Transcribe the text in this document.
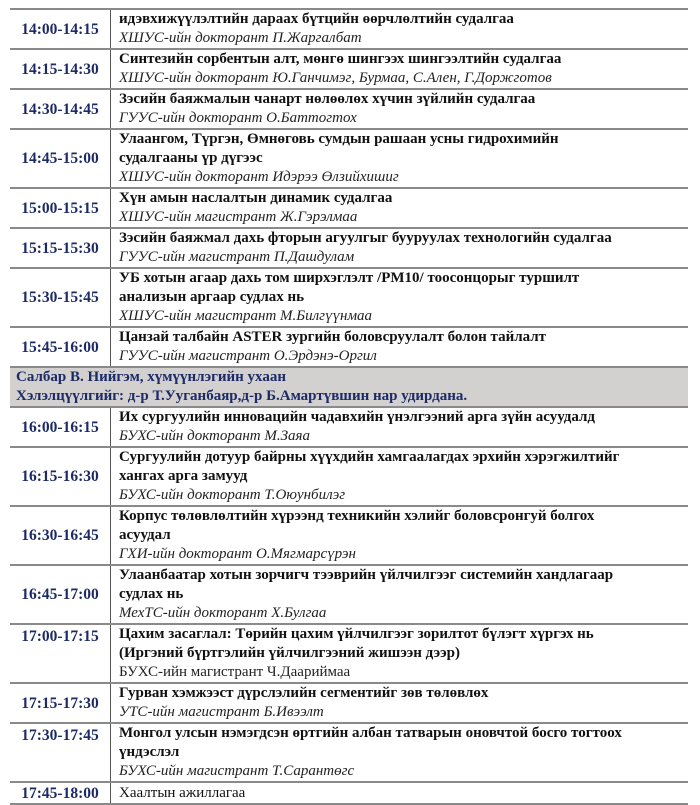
14:00-14:15	идэвхижүүлэлтийн дараах бүтцийн өөрчлөлтийн судалгаа
ХШУС-ийн докторант П.Жаргалбат

14:15-14:30	Синтезийн сорбентын алт, мөнгө шингээх шингээлтийн судалгаа
ХШУС-ийн докторант Ю.Ганчимэг, Бурмаа, С.Ален, Г.Доржготов

14:30-14:45	Зэсийн баяжмалын чанарт нөлөөлөх хүчин зүйлийн судалгаа
ГУУС-ийн докторант О.Баттогтох

14:45-15:00	Улаангом, Түргэн, Өмнөговь сумдын рашаан усны гидрохимийн
судалгааны үр дүгээс
ХШУС-ийн докторант Идэрээ Өлзийхишиг

15:00-15:15	Хүн амын наслалтын динамик судалгаа
ХШУС-ийн магистрант Ж.Гэрэлмаа

15:15-15:30	Зэсийн баяжмал дахь фторын агуулгыг бууруулах технологийн судалгаа
ГУУС-ийн магистрант П.Дашдулам

15:30-15:45	УБ хотын агаар дахь том ширхэглэлт /PM10/ тоосонцорыг туршилт
анализын аргаар судлах нь
ХШУС-ийн магистрант М.Билгүүнмаа

15:45-16:00	Цанзай талбайн ASTER зургийн боловсруулалт болон тайлалт
ГУУС-ийн магистрант О.Эрдэнэ-Оргил

Салбар В. Нийгэм, хүмүүнлэгийн ухаан
Хэлэлцүүлгийг: д-р Т.Ууганбаяр,д-р Б.Амартүвшин нар удирдана.	

16:00-16:15	Их сургуулийн инновацийн чадавхийн үнэлгээний арга зүйн асуудалд
БУХС-ийн докторант М.Заяа

16:15-16:30	Сургуулийн дотуур байрны хүүхдийн хамгаалагдах эрхийн хэрэгжилтийг
хангах арга замууд
БУХС-ийн докторант Т.Оюунбилэг

16:30-16:45	Корпус төлөвлөлтийн хүрээнд техникийн хэлийг боловсронгуй болгох
асуудал
ГХИ-ийн докторант О.Мягмарсүрэн

16:45-17:00	Улаанбаатар хотын зорчигч тээврийн үйлчилгээг системийн хандлагаар
судлах нь
МехТС-ийн докторант Х.Булгаа

17:00-17:15	Цахим засаглал: Төрийн цахим үйлчилгээг зорилтот бүлэгт хүргэх нь
(Иргэний бүртгэлийн үйлчилгээний жишээн дээр)
БУХС-ийн магистрант Ч.Даариймаа

17:15-17:30	Гурван хэмжээст дүрслэлийн сегментийг зөв төлөвлөх
УТС-ийн магистрант Б.Ивээлт

17:30-17:45	Монгол улсын нэмэгдсэн өртгийн албан татварын оновчтой босго тогтоох
үндэслэл
БУХС-ийн магистрант Т.Сарантөгс

17:45-18:00	Хаалтын ажиллагаа
